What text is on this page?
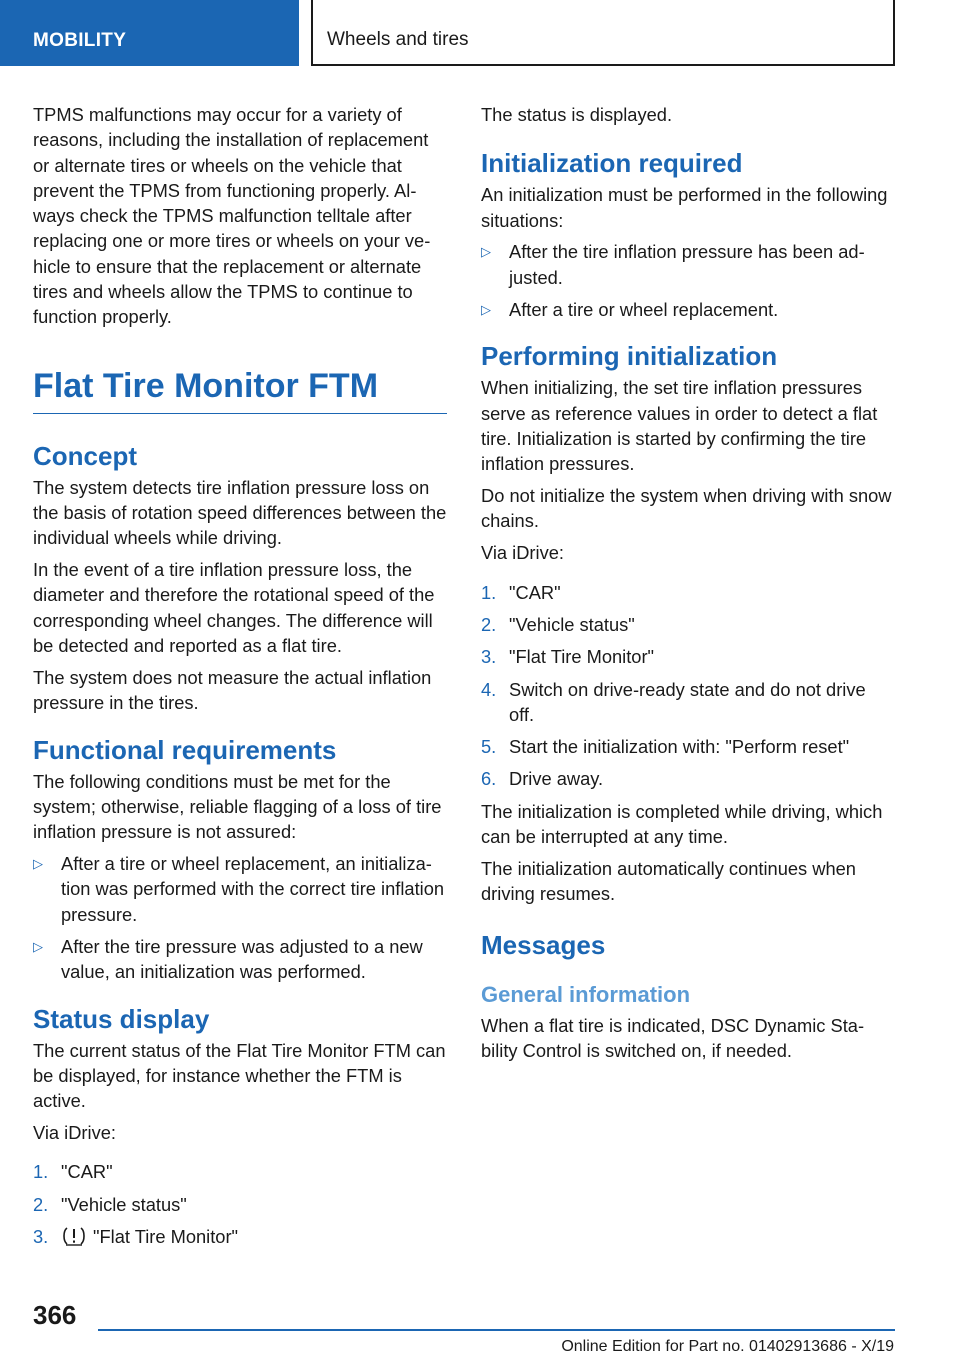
MOBILITY	Wheels and tires

TPMS malfunctions may occur for a variety of reasons, including the installation of replacement or alternate tires or wheels on the vehicle that prevent the TPMS from functioning properly. Always check the TPMS malfunction telltale after replacing one or more tires or wheels on your vehicle to ensure that the replacement or alternate tires and wheels allow the TPMS to continue to function properly.

Flat Tire Monitor FTM
Concept

The system detects tire inflation pressure loss on the basis of rotation speed differences between the individual wheels while driving.

In the event of a tire inflation pressure loss, the diameter and therefore the rotational speed of the corresponding wheel changes. The difference will be detected and reported as a flat tire.

The system does not measure the actual inflation pressure in the tires.

Functional requirements

The following conditions must be met for the system; otherwise, reliable flagging of a loss of tire inflation pressure is not assured:

▷ After a tire or wheel replacement, an initialization was performed with the correct tire inflation pressure.
▷ After the tire pressure was adjusted to a new value, an initialization was performed.
Status display

The current status of the Flat Tire Monitor FTM can be displayed, for instance whether the FTM is active.

Via iDrive:

1. "CAR"
2. "Vehicle status"
3. "Flat Tire Monitor"

The status is displayed.

Initialization required

An initialization must be performed in the following situations:

▷ After the tire inflation pressure has been adjusted.
▷ After a tire or wheel replacement.
Performing initialization

When initializing, the set tire inflation pressures serve as reference values in order to detect a flat tire. Initialization is started by confirming the tire inflation pressures.

Do not initialize the system when driving with snow chains.

Via iDrive:

1. "CAR"
2. "Vehicle status"
3. "Flat Tire Monitor"
4. Switch on drive-ready state and do not drive off.
5. Start the initialization with: "Perform reset"
6. Drive away.

The initialization is completed while driving, which can be interrupted at any time.

The initialization automatically continues when driving resumes.

Messages
General information

When a flat tire is indicated, DSC Dynamic Stability Control is switched on, if needed.

366
Online Edition for Part no. 01402913686 - X/19
